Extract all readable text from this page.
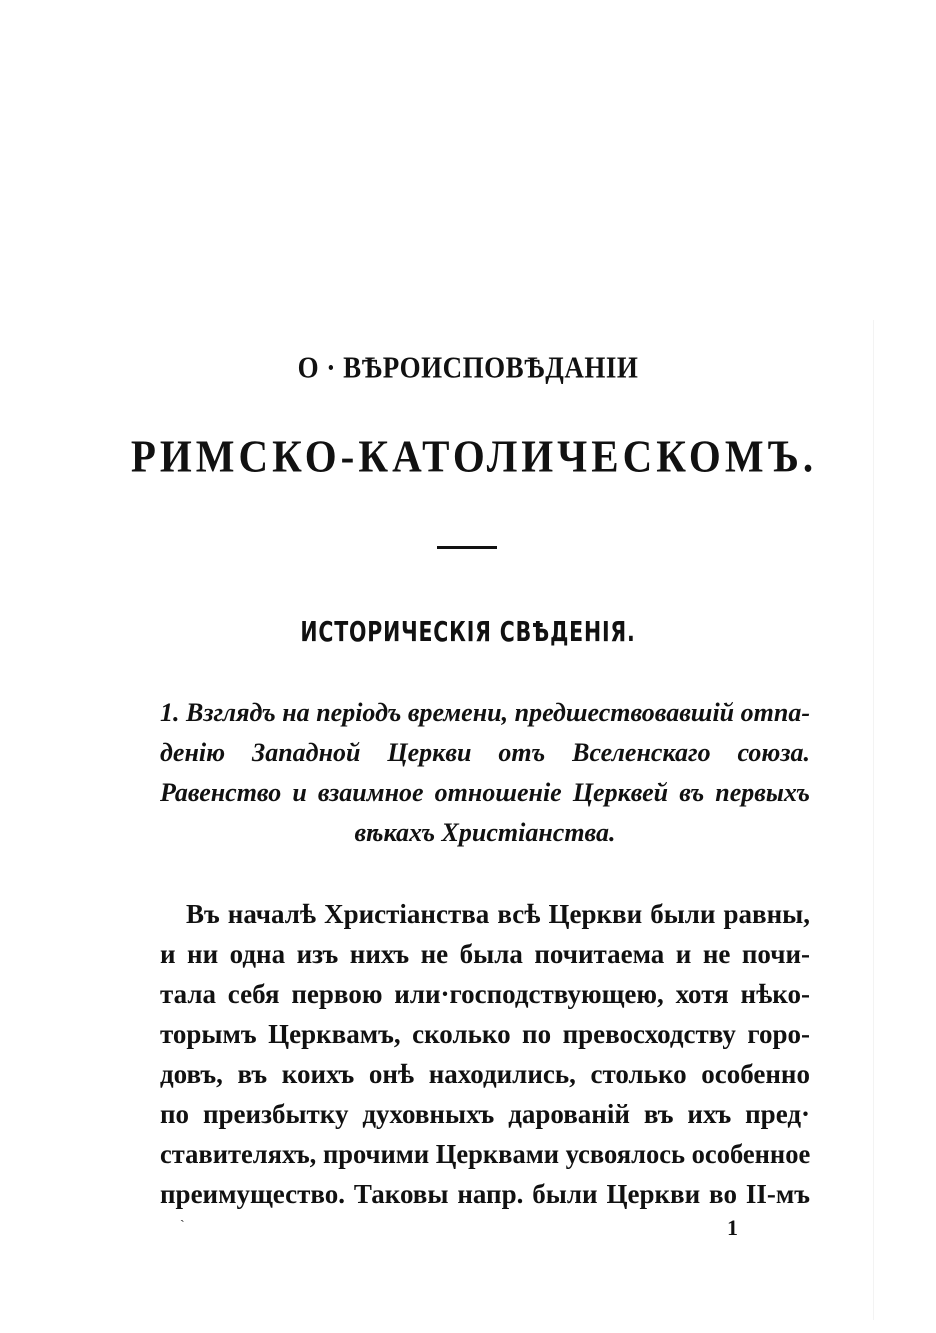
О · ВѢРОИСПОВѢДАНІИ
РИМСКО-КАТОЛИЧЕСКОМЪ.
ИСТОРИЧЕСКІЯ СВѢДЕНІЯ.
1. Взглядъ на періодъ времени, предшествовавшій отпа-
денію Западной Церкви отъ Вселенскаго союза.
Равенство и взаимное отношеніе Церквей въ первыхъ
вѣкахъ Христіанства.
Въ началѣ Христіанства всѣ Церкви были равны,
и ни одна изъ нихъ не была почитаема и не почи-
тала себя первою или·господствующею, хотя нѣко-
торымъ Церквамъ, сколько по превосходству горо-
довъ, въ коихъ онѣ находились, столько особенно
по преизбытку духовныхъ дарованій въ ихъ пред·
ставителяхъ, прочими Церквами усвоялось особенное
преимущество. Таковы напр. были Церкви во II-мъ
ˏ	1
